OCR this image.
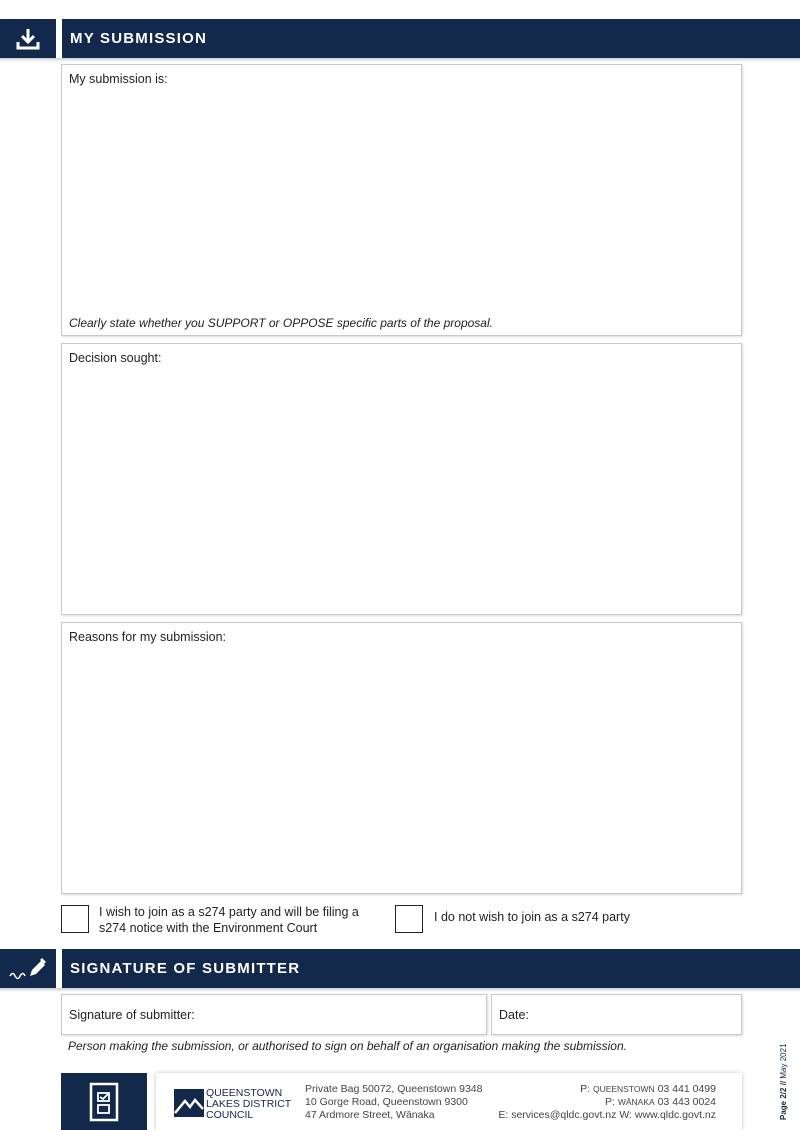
MY SUBMISSION
My submission is:
Clearly state whether you SUPPORT or OPPOSE specific parts of the proposal.
Decision sought:
Reasons for my submission:
I wish to join as a s274 party and will be filing a
s274 notice with the Environment Court
I do not wish to join as a s274 party
SIGNATURE OF SUBMITTER
Signature of submitter:	Date:
Person making the submission, or authorised to sign on behalf of an organisation making the submission.
QUEENSTOWN
LAKES DISTRICT
COUNCIL
Private Bag 50072, Queenstown 9348
10 Gorge Road, Queenstown 9300
47 Ardmore Street, Wānaka
P: QUEENSTOWN 03 441 0499
P: WĀNAKA 03 443 0024
E: services@qldc.govt.nz W: www.qldc.govt.nz	Page 2/2 // May 2021
